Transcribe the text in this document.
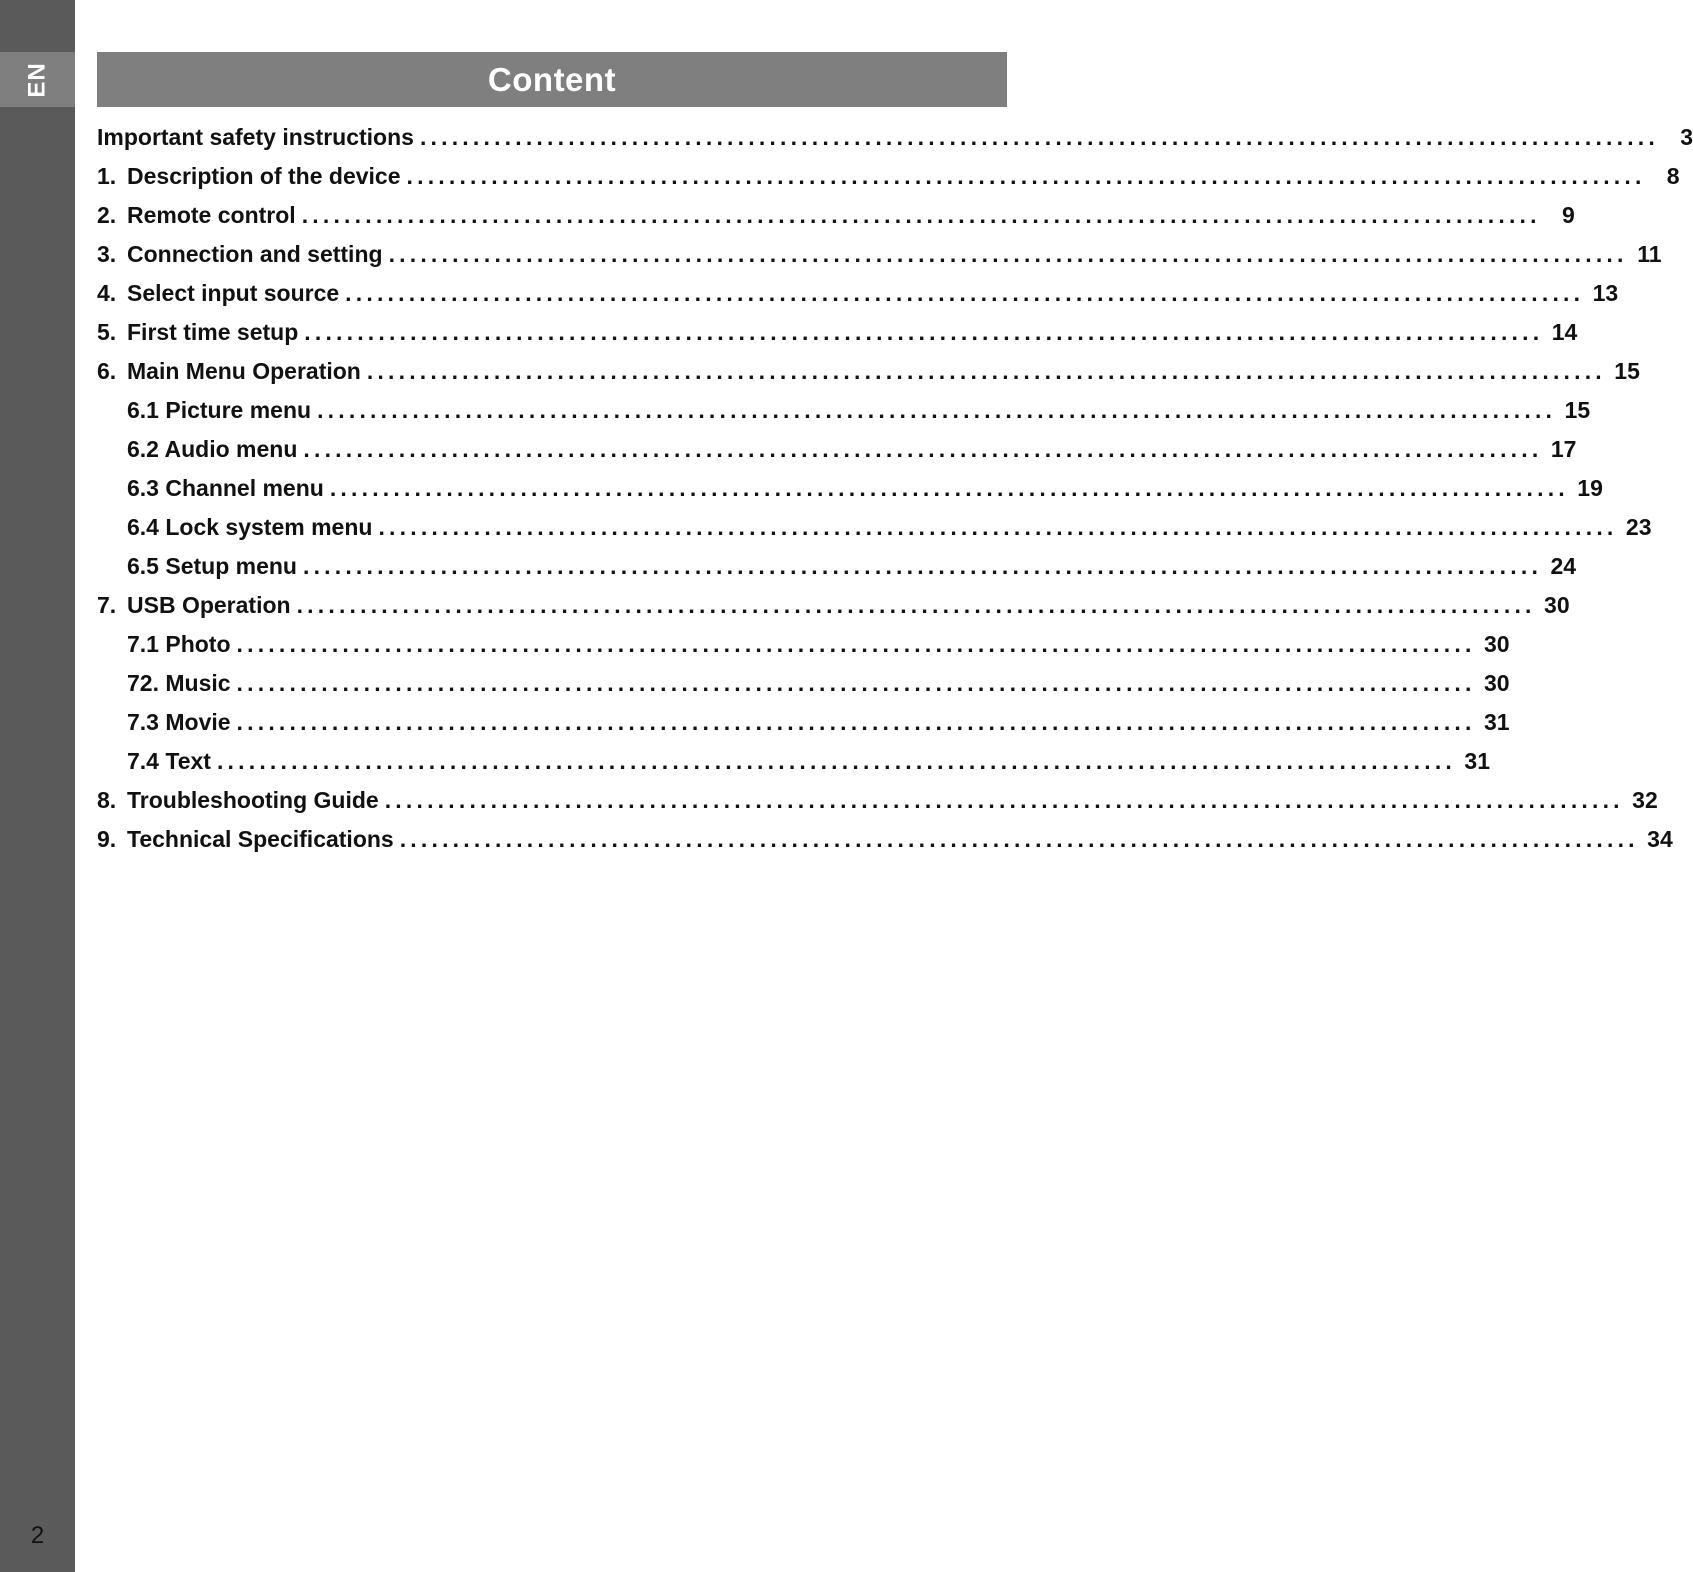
EN
2
Content
Important safety instructions ..................................................................................................................... 3
1. Description of the device ..................................................................................................................... 8
2. Remote control ..................................................................................................................... 9
3. Connection and setting ..................................................................................................................... 11
4. Select input source ..................................................................................................................... 13
5. First time setup ..................................................................................................................... 14
6. Main Menu Operation ..................................................................................................................... 15
6.1 Picture menu ..................................................................................................................... 15
6.2 Audio menu ..................................................................................................................... 17
6.3 Channel menu ..................................................................................................................... 19
6.4 Lock system menu ..................................................................................................................... 23
6.5 Setup menu ..................................................................................................................... 24
7. USB Operation ..................................................................................................................... 30
7.1 Photo ..................................................................................................................... 30
72. Music ..................................................................................................................... 30
7.3 Movie ..................................................................................................................... 31
7.4 Text ..................................................................................................................... 31
8. Troubleshooting Guide ..................................................................................................................... 32
9. Technical Specifications ..................................................................................................................... 34
